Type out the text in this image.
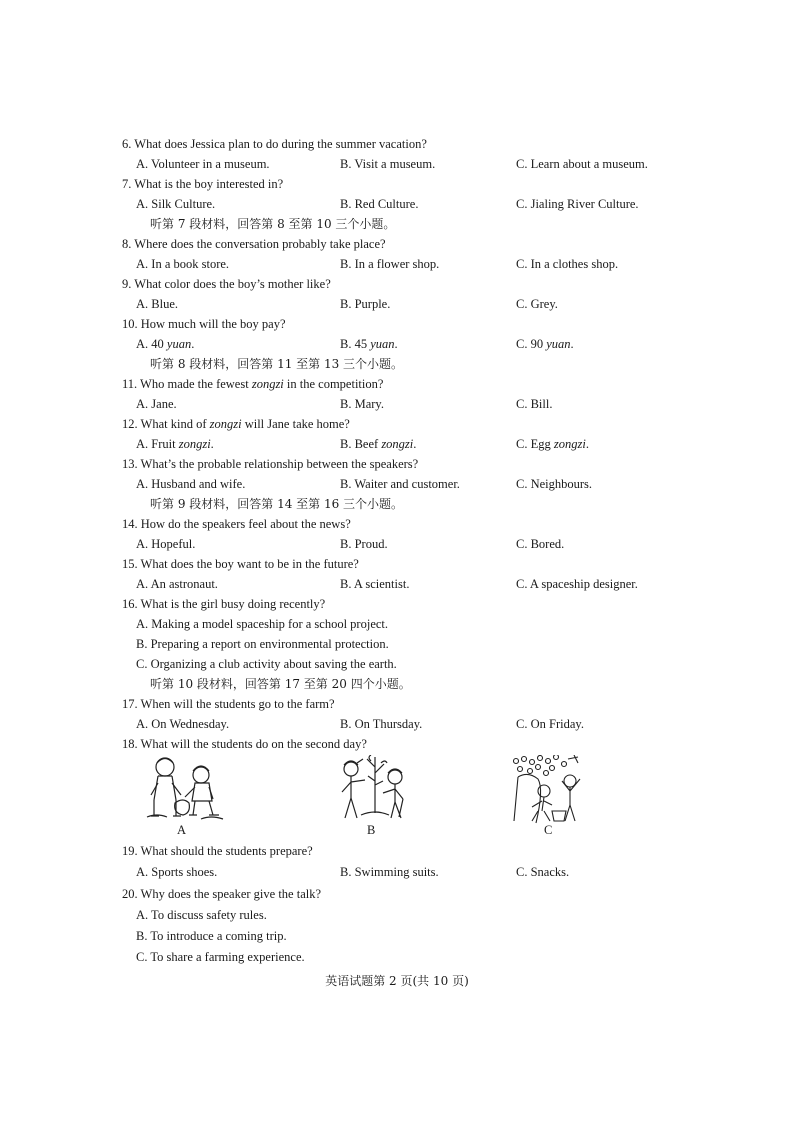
6. What does Jessica plan to do during the summer vacation?
A. Volunteer in a museum.	B. Visit a museum.	C. Learn about a museum.
7. What is the boy interested in?
A. Silk Culture.	B. Red Culture.	C. Jialing River Culture.
听第 7 段材料，回答第 8 至第 10 三个小题。
8. Where does the conversation probably take place?
A. In a book store.	B. In a flower shop.	C. In a clothes shop.
9. What color does the boy’s mother like?
A. Blue.	B. Purple.	C. Grey.
10. How much will the boy pay?
A. 40 yuan.	B. 45 yuan.	C. 90 yuan.
听第 8 段材料，回答第 11 至第 13 三个小题。
11. Who made the fewest zongzi in the competition?
A. Jane.	B. Mary.	C. Bill.
12. What kind of zongzi will Jane take home?
A. Fruit zongzi.	B. Beef zongzi.	C. Egg zongzi.
13. What’s the probable relationship between the speakers?
A. Husband and wife.	B. Waiter and customer.	C. Neighbours.
听第 9 段材料，回答第 14 至第 16 三个小题。
14. How do the speakers feel about the news?
A. Hopeful.	B. Proud.	C. Bored.
15. What does the boy want to be in the future?
A. An astronaut.	B. A scientist.	C. A spaceship designer.
16. What is the girl busy doing recently?
A. Making a model spaceship for a school project.
B. Preparing a report on environmental protection.
C. Organizing a club activity about saving the earth.
听第 10 段材料，回答第 17 至第 20 四个小题。
17. When will the students go to the farm?
A. On Wednesday.	B. On Thursday.	C. On Friday.
18. What will the students do on the second day?
A	B	C
19. What should the students prepare?
A. Sports shoes.	B. Swimming suits.	C. Snacks.
20. Why does the speaker give the talk?
A. To discuss safety rules.
B. To introduce a coming trip.
C. To share a farming experience.
英语试题第 2 页(共 10 页)
